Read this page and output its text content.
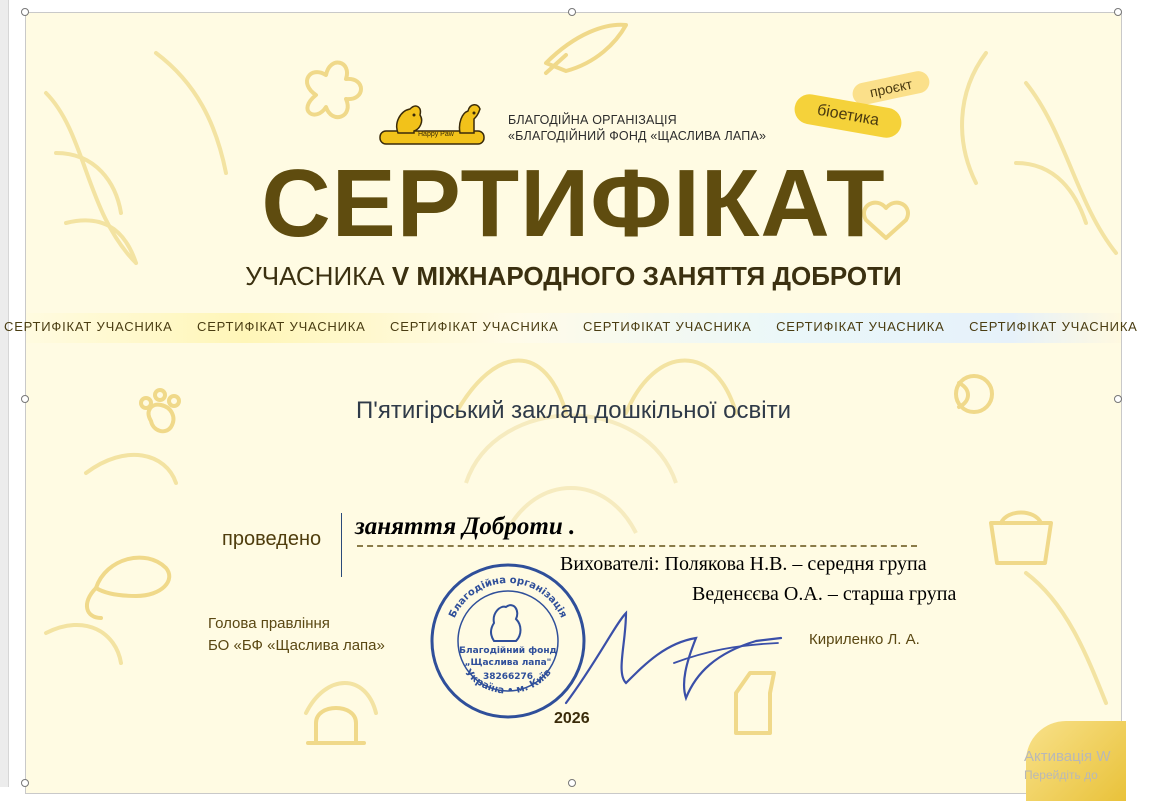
Happy Paw
БЛАГОДІЙНА ОРГАНІЗАЦІЯ
«БЛАГОДІЙНИЙ ФОНД «ЩАСЛИВА ЛАПА»
проєкт
біоетика
СЕРТИФІКАТ
УЧАСНИКА V МІЖНАРОДНОГО ЗАНЯТТЯ ДОБРОТИ
СЕРТИФІКАТ УЧАСНИКА СЕРТИФІКАТ УЧАСНИКА СЕРТИФІКАТ УЧАСНИКА СЕРТИФІКАТ УЧАСНИКА СЕРТИФІКАТ УЧАСНИКА СЕРТИФІКАТ УЧАСНИКА
П'ятигірський заклад дошкільної освіти
проведено заняття Доброти .
Вихователі: Полякова Н.В. – середня група
Веденєєва О.А. – старша група
Голова правління
БО «БФ «Щаслива лапа»	Кириленко Л. А.
Благодійна організація
Україна • м. Київ
Благодійний фонд
„Щаслива лапа"
38266276
2026
Активація W
Перейдіть до
